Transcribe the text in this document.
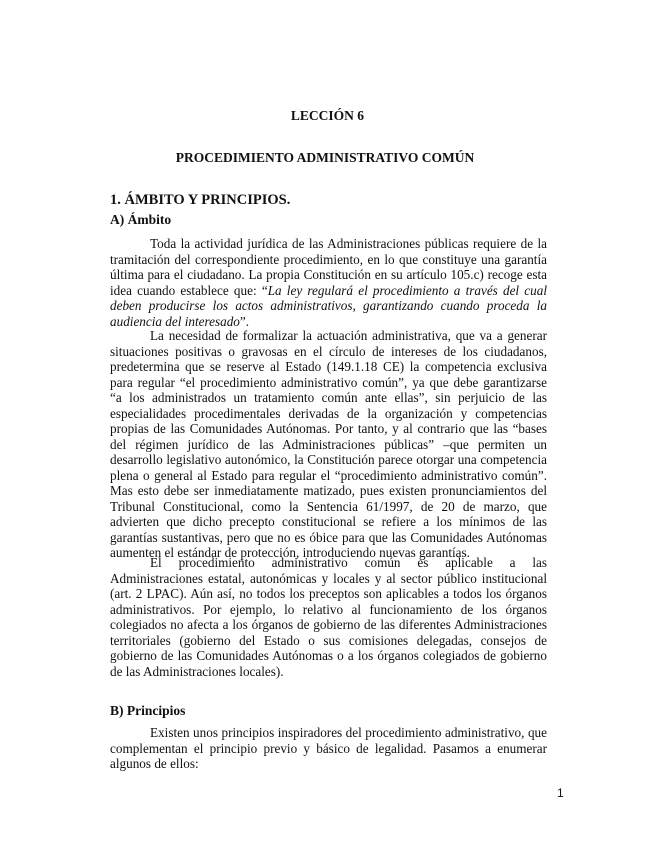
LECCIÓN 6
PROCEDIMIENTO ADMINISTRATIVO COMÚN
1. ÁMBITO Y PRINCIPIOS.
A) Ámbito

Toda la actividad jurídica de las Administraciones públicas requiere de la tramitación del correspondiente procedimiento, en lo que constituye una garantía última para el ciudadano. La propia Constitución en su artículo 105.c) recoge esta idea cuando establece que: “La ley regulará el procedimiento a través del cual deben producirse los actos administrativos, garantizando cuando proceda la audiencia del interesado”.

La necesidad de formalizar la actuación administrativa, que va a generar situaciones positivas o gravosas en el círculo de intereses de los ciudadanos, predetermina que se reserve al Estado (149.1.18 CE) la competencia exclusiva para regular “el procedimiento administrativo común”, ya que debe garantizarse “a los administrados un tratamiento común ante ellas”, sin perjuicio de las especialidades procedimentales derivadas de la organización y competencias propias de las Comunidades Autónomas. Por tanto, y al contrario que las “bases del régimen jurídico de las Administraciones públicas” –que permiten un desarrollo legislativo autonómico, la Constitución parece otorgar una competencia plena o general al Estado para regular el “procedimiento administrativo común”. Mas esto debe ser inmediatamente matizado, pues existen pronunciamientos del Tribunal Constitucional, como la Sentencia 61/1997, de 20 de marzo, que advierten que dicho precepto constitucional se refiere a los mínimos de las garantías sustantivas, pero que no es óbice para que las Comunidades Autónomas aumenten el estándar de protección, introduciendo nuevas garantías.

El procedimiento administrativo común es aplicable a las Administraciones estatal, autonómicas y locales y al sector público institucional (art. 2 LPAC). Aún así, no todos los preceptos son aplicables a todos los órganos administrativos. Por ejemplo, lo relativo al funcionamiento de los órganos colegiados no afecta a los órganos de gobierno de las diferentes Administraciones territoriales (gobierno del Estado o sus comisiones delegadas, consejos de gobierno de las Comunidades Autónomas o a los órganos colegiados de gobierno de las Administraciones locales).

B) Principios

Existen unos principios inspiradores del procedimiento administrativo, que complementan el principio previo y básico de legalidad. Pasamos a enumerar algunos de ellos:

1
